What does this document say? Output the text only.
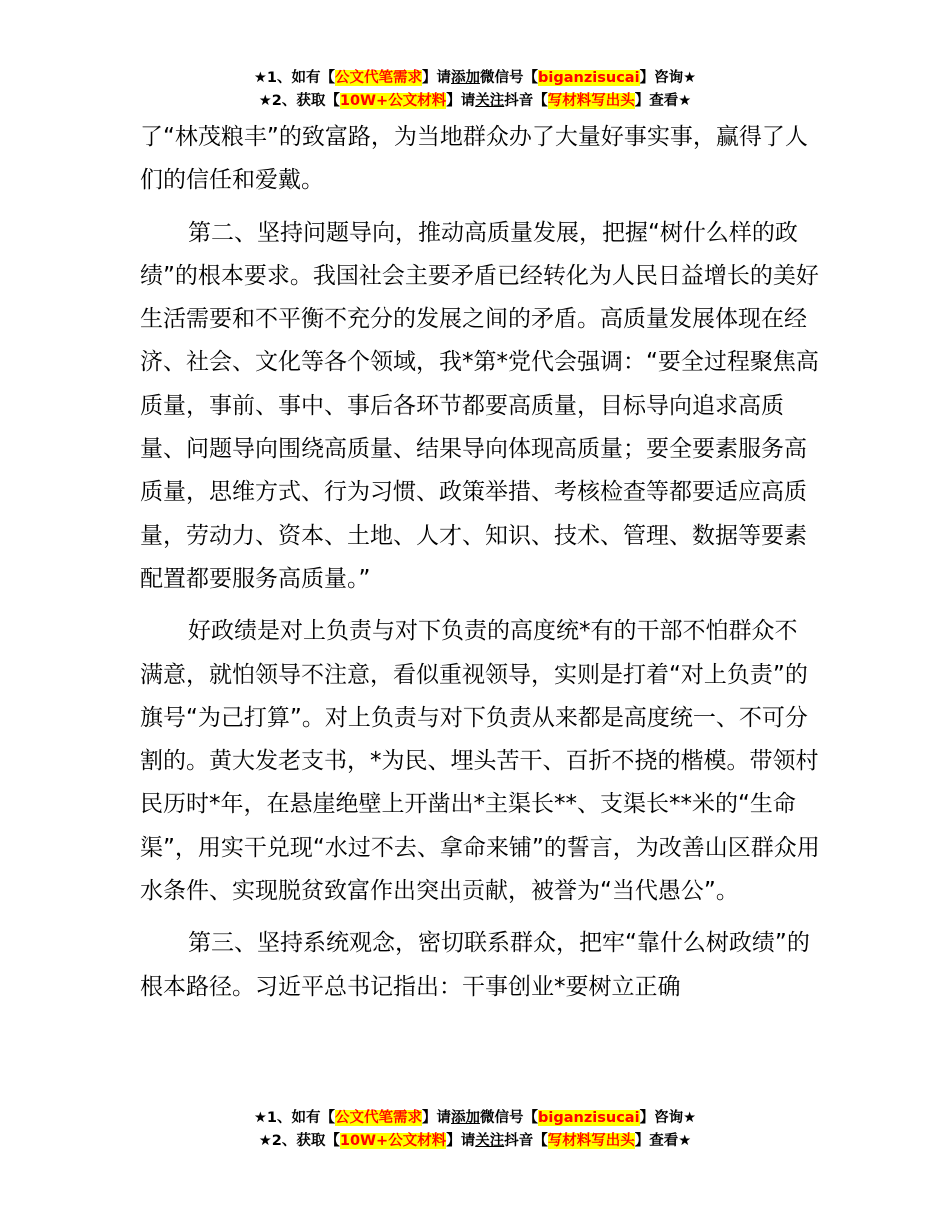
★1、如有【公文代笔需求】请添加微信号【biganzisucai】咨询★
★2、获取【10W+公文材料】请关注抖音【写材料写出头】查看★

了“林茂粮丰”的致富路，为当地群众办了大量好事实事，赢得了人们的信任和爱戴。

第二、坚持问题导向，推动高质量发展，把握“树什么样的政绩”的根本要求。我国社会主要矛盾已经转化为人民日益增长的美好生活需要和不平衡不充分的发展之间的矛盾。高质量发展体现在经济、社会、文化等各个领域，我*第*党代会强调：“要全过程聚焦高质量，事前、事中、事后各环节都要高质量，目标导向追求高质量、问题导向围绕高质量、结果导向体现高质量；要全要素服务高质量，思维方式、行为习惯、政策举措、考核检查等都要适应高质量，劳动力、资本、土地、人才、知识、技术、管理、数据等要素配置都要服务高质量。”

好政绩是对上负责与对下负责的高度统*有的干部不怕群众不满意，就怕领导不注意，看似重视领导，实则是打着“对上负责”的旗号“为己打算”。对上负责与对下负责从来都是高度统一、不可分割的。黄大发老支书，*为民、埋头苦干、百折不挠的楷模。带领村民历时*年，在悬崖绝壁上开凿出*主渠长**、支渠长**米的“生命渠”，用实干兑现“水过不去、拿命来铺”的誓言，为改善山区群众用水条件、实现脱贫致富作出突出贡献，被誉为“当代愚公”。

第三、坚持系统观念，密切联系群众，把牢“靠什么树政绩”的根本路径。习近平总书记指出：干事创业*要树立正确

★1、如有【公文代笔需求】请添加微信号【biganzisucai】咨询★
★2、获取【10W+公文材料】请关注抖音【写材料写出头】查看★
